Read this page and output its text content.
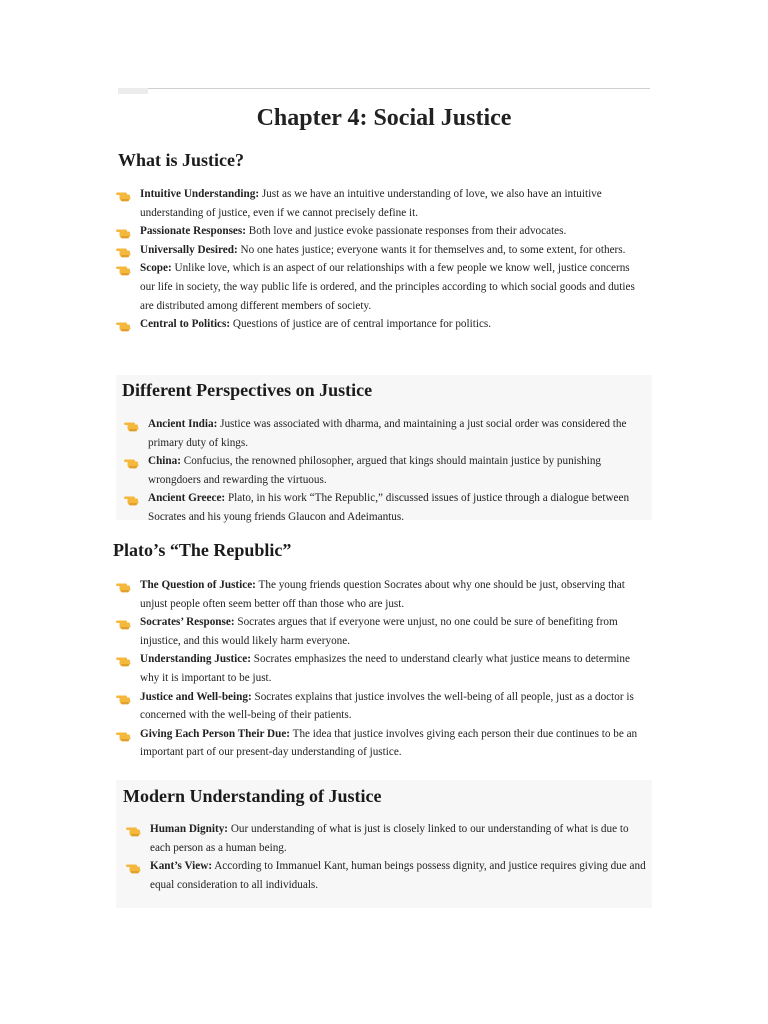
Chapter 4: Social Justice
What is Justice?
Intuitive Understanding: Just as we have an intuitive understanding of love, we also have an intuitive understanding of justice, even if we cannot precisely define it.
Passionate Responses: Both love and justice evoke passionate responses from their advocates.
Universally Desired: No one hates justice; everyone wants it for themselves and, to some extent, for others.
Scope: Unlike love, which is an aspect of our relationships with a few people we know well, justice concerns our life in society, the way public life is ordered, and the principles according to which social goods and duties are distributed among different members of society.
Central to Politics: Questions of justice are of central importance for politics.
Different Perspectives on Justice
Ancient India: Justice was associated with dharma, and maintaining a just social order was considered the primary duty of kings.
China: Confucius, the renowned philosopher, argued that kings should maintain justice by punishing wrongdoers and rewarding the virtuous.
Ancient Greece: Plato, in his work “The Republic,” discussed issues of justice through a dialogue between Socrates and his young friends Glaucon and Adeimantus.
Plato’s “The Republic”
The Question of Justice: The young friends question Socrates about why one should be just, observing that unjust people often seem better off than those who are just.
Socrates’ Response: Socrates argues that if everyone were unjust, no one could be sure of benefiting from injustice, and this would likely harm everyone.
Understanding Justice: Socrates emphasizes the need to understand clearly what justice means to determine why it is important to be just.
Justice and Well-being: Socrates explains that justice involves the well-being of all people, just as a doctor is concerned with the well-being of their patients.
Giving Each Person Their Due: The idea that justice involves giving each person their due continues to be an important part of our present-day understanding of justice.
Modern Understanding of Justice
Human Dignity: Our understanding of what is just is closely linked to our understanding of what is due to each person as a human being.
Kant’s View: According to Immanuel Kant, human beings possess dignity, and justice requires giving due and equal consideration to all individuals.
